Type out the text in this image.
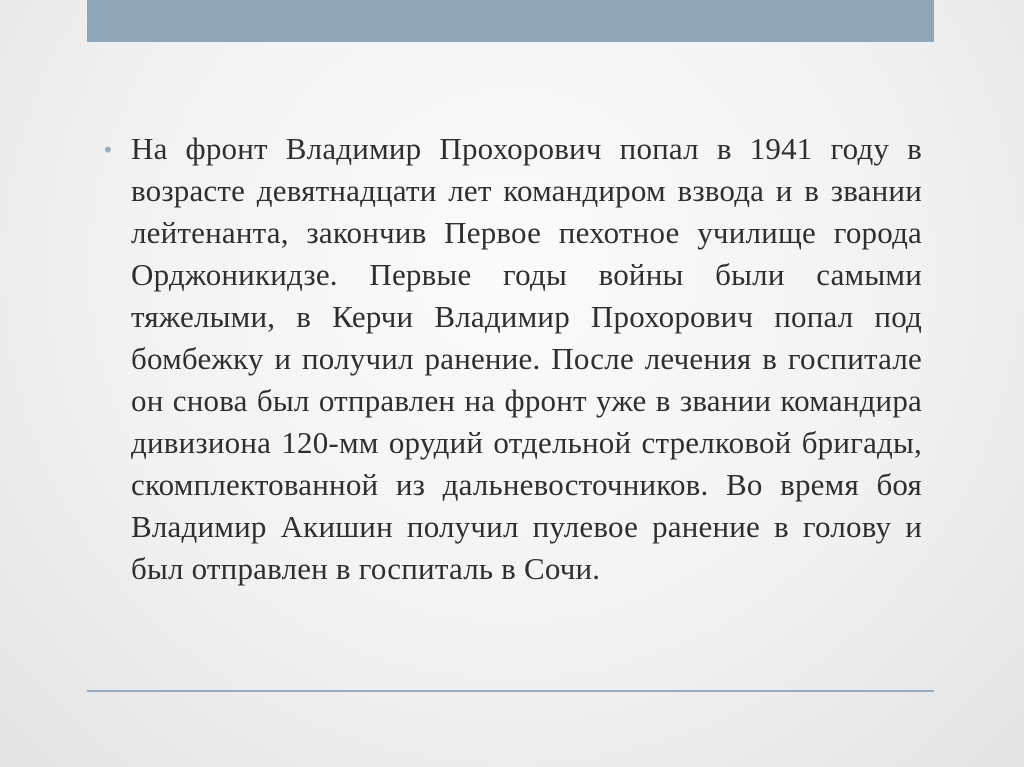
• На фронт Владимир Прохорович попал в 1941 году в возрасте девятнадцати лет командиром взвода и в звании лейтенанта, закончив Первое пехотное училище города Орджоникидзе. Первые годы войны были самыми тяжелыми, в Керчи Владимир Прохорович попал под бомбежку и получил ранение. После лечения в госпитале он снова был отправлен на фронт уже в звании командира дивизиона 120-мм орудий отдельной стрелковой бригады, скомплектованной из дальневосточников. Во время боя Владимир Акишин получил пулевое ранение в голову и был отправлен в госпиталь в Сочи.
